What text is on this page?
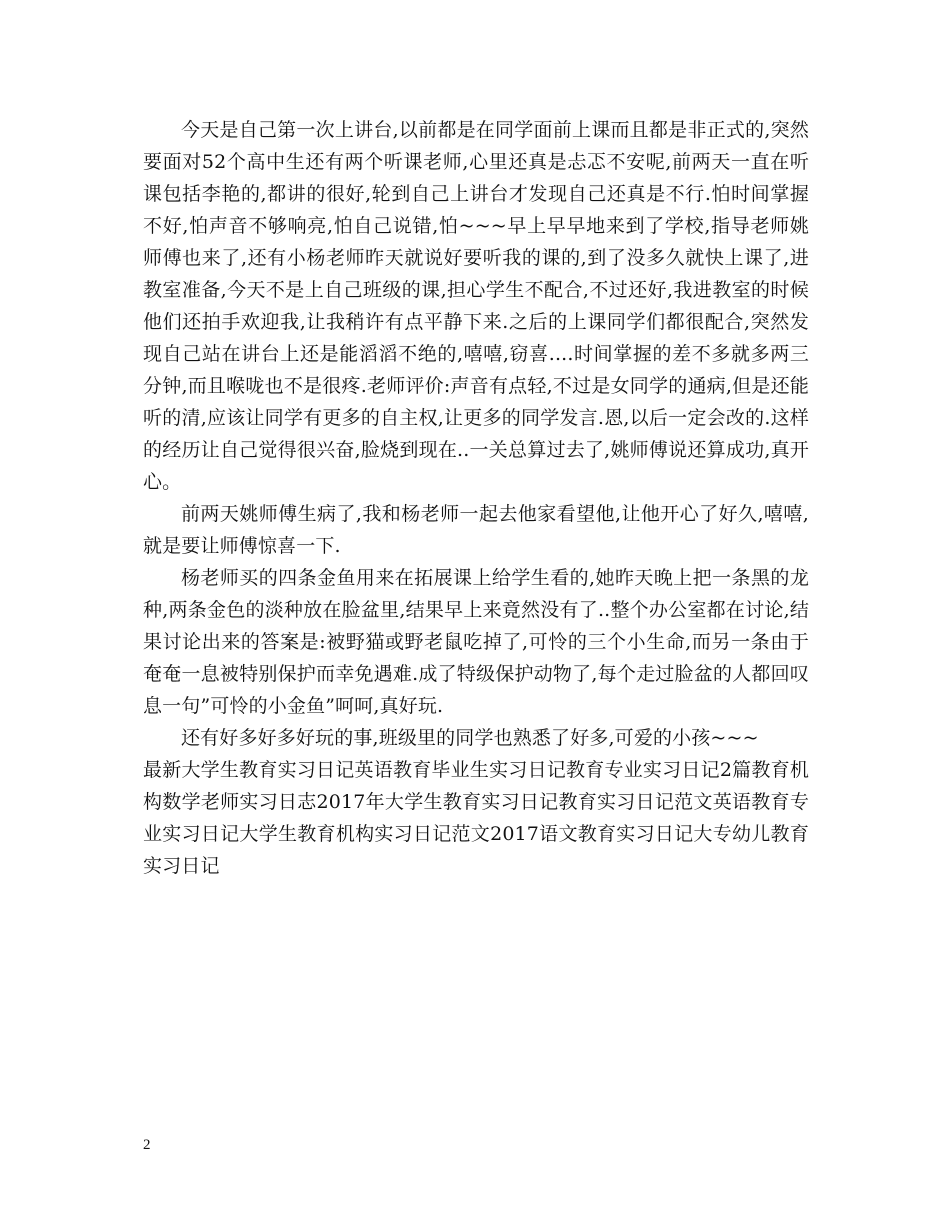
今天是自己第一次上讲台,以前都是在同学面前上课而且都是非正式的,突然要面对52个高中生还有两个听课老师,心里还真是忐忑不安呢,前两天一直在听课包括李艳的,都讲的很好,轮到自己上讲台才发现自己还真是不行.怕时间掌握不好,怕声音不够响亮,怕自己说错,怕~~~早上早早地来到了学校,指导老师姚师傅也来了,还有小杨老师昨天就说好要听我的课的,到了没多久就快上课了,进教室准备,今天不是上自己班级的课,担心学生不配合,不过还好,我进教室的时候他们还拍手欢迎我,让我稍许有点平静下来.之后的上课同学们都很配合,突然发现自己站在讲台上还是能滔滔不绝的,嘻嘻,窃喜....时间掌握的差不多就多两三分钟,而且喉咙也不是很疼.老师评价:声音有点轻,不过是女同学的通病,但是还能听的清,应该让同学有更多的自主权,让更多的同学发言.恩,以后一定会改的.这样的经历让自己觉得很兴奋,脸烧到现在..一关总算过去了,姚师傅说还算成功,真开心。

前两天姚师傅生病了,我和杨老师一起去他家看望他,让他开心了好久,嘻嘻,就是要让师傅惊喜一下.

杨老师买的四条金鱼用来在拓展课上给学生看的,她昨天晚上把一条黑的龙种,两条金色的淡种放在脸盆里,结果早上来竟然没有了..整个办公室都在讨论,结果讨论出来的答案是:被野猫或野老鼠吃掉了,可怜的三个小生命,而另一条由于奄奄一息被特别保护而幸免遇难.成了特级保护动物了,每个走过脸盆的人都回叹息一句”可怜的小金鱼”呵呵,真好玩.

还有好多好多好玩的事,班级里的同学也熟悉了好多,可爱的小孩~~~

最新大学生教育实习日记英语教育毕业生实习日记教育专业实习日记2篇教育机构数学老师实习日志2017年大学生教育实习日记教育实习日记范文英语教育专业实习日记大学生教育机构实习日记范文2017语文教育实习日记大专幼儿教育实习日记

2
